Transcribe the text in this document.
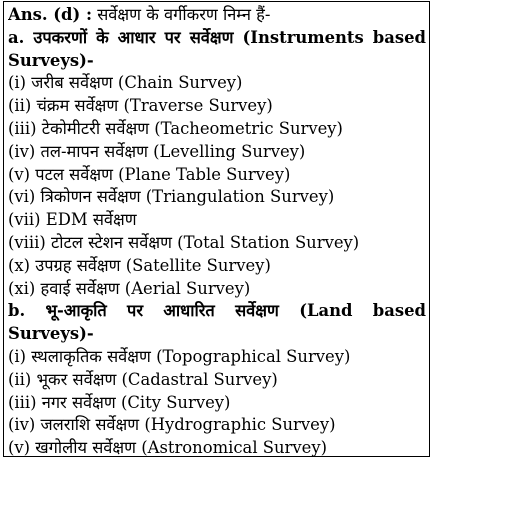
Ans. (d) : सर्वेक्षण के वर्गीकरण निम्न हैं-
a. उपकरणों के आधार पर सर्वेक्षण (Instruments based
Surveys)-
(i) जरीब सर्वेक्षण (Chain Survey)
(ii) चंक्रम सर्वेक्षण (Traverse Survey)
(iii) टेकोमीटरी सर्वेक्षण (Tacheometric Survey)
(iv) तल-मापन सर्वेक्षण (Levelling Survey)
(v) पटल सर्वेक्षण (Plane Table Survey)
(vi) त्रिकोणन सर्वेक्षण (Triangulation Survey)
(vii) EDM सर्वेक्षण
(viii) टोटल स्टेशन सर्वेक्षण (Total Station Survey)
(x) उपग्रह सर्वेक्षण (Satellite Survey)
(xi) हवाई सर्वेक्षण (Aerial Survey)
b. भू-आकृति पर आधारित सर्वेक्षण (Land based
Surveys)-
(i) स्थलाकृतिक सर्वेक्षण (Topographical Survey)
(ii) भूकर सर्वेक्षण (Cadastral Survey)
(iii) नगर सर्वेक्षण (City Survey)
(iv) जलराशि सर्वेक्षण (Hydrographic Survey)
(v) खगोलीय सर्वेक्षण (Astronomical Survey)
